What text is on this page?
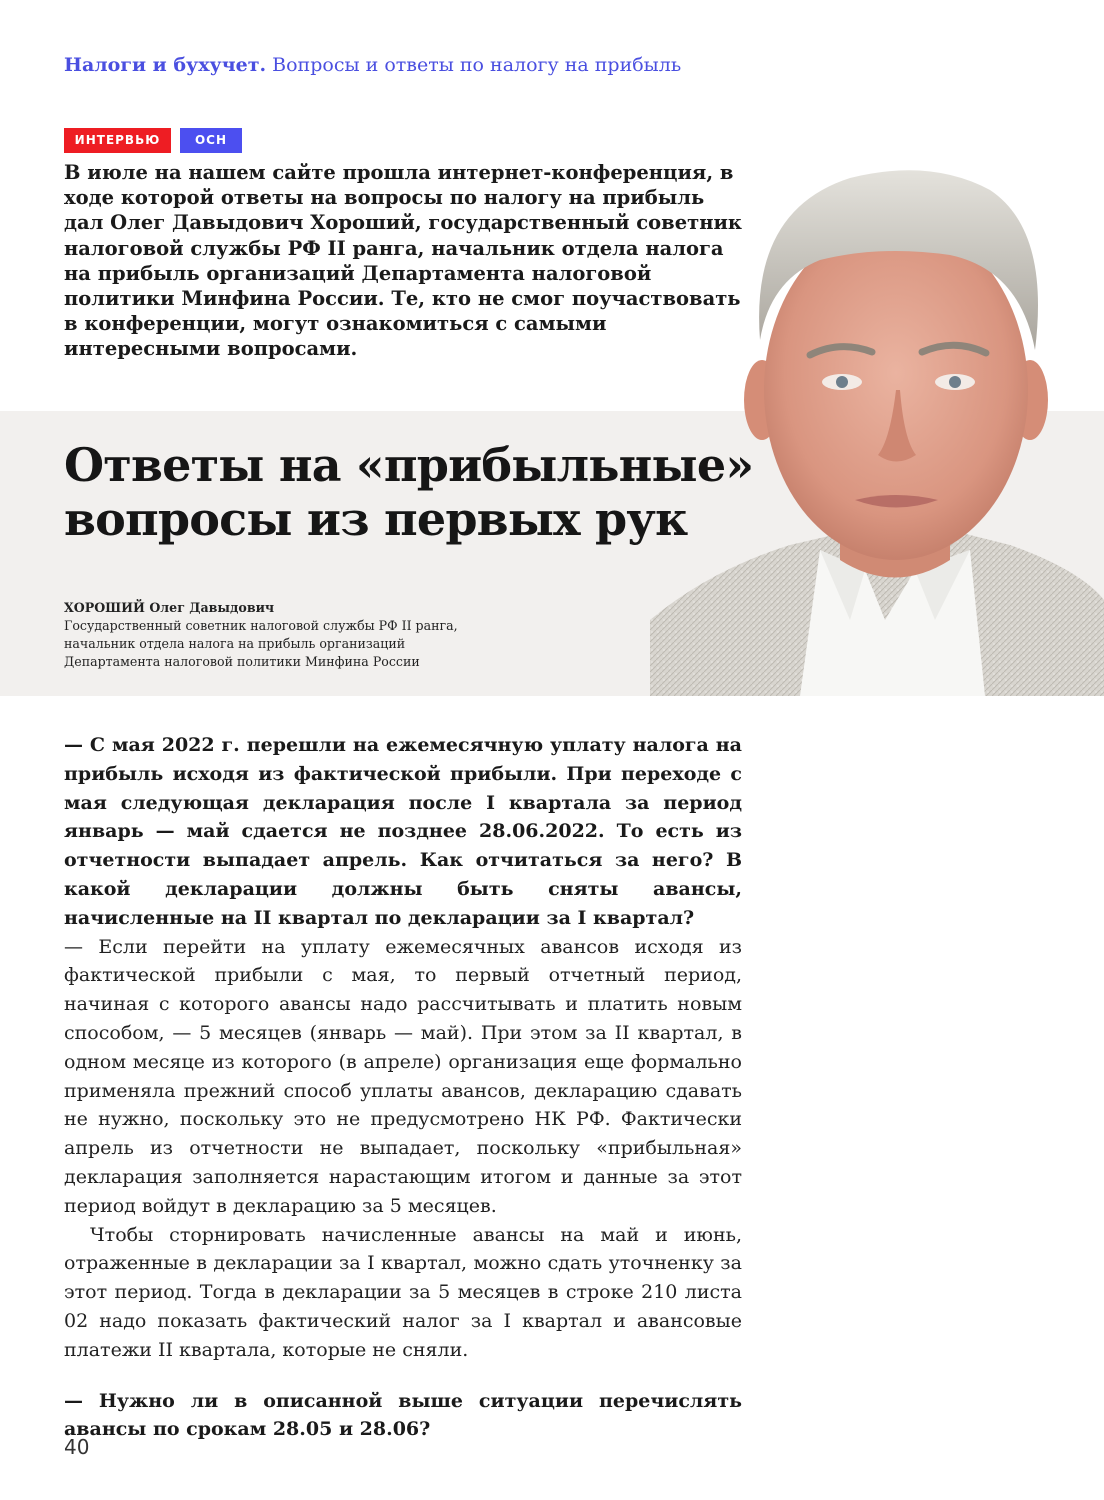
Налоги и бухучет. Вопросы и ответы по налогу на прибыль
ИНТЕРВЬЮ	ОСН

В июле на нашем сайте прошла интернет-конференция, в ходе которой ответы на вопросы по налогу на прибыль дал Олег Давыдович Хороший, государственный советник налоговой службы РФ II ранга, начальник отдела налога на прибыль организаций Департамента налоговой политики Минфина России. Те, кто не смог поучаствовать в конференции, могут ознакомиться с самыми интересными вопросами.

Ответы на «прибыльные»
вопросы из первых рук
ХОРОШИЙ Олег Давыдович
Государственный советник налоговой службы РФ II ранга,
начальник отдела налога на прибыль организаций
Департамента налоговой политики Минфина России

— С мая 2022 г. перешли на ежемесячную уплату налога на прибыль исходя из фактической прибыли. При переходе с мая следующая декларация после I квартала за период январь — май сдается не позднее 28.06.2022. То есть из отчетности выпадает апрель. Как отчитаться за него? В какой декларации должны быть сняты авансы, начисленные на II квартал по декларации за I квартал?

— Если перейти на уплату ежемесячных авансов исходя из фактической прибыли с мая, то первый отчетный период, начиная с которого авансы надо рассчитывать и платить новым способом, — 5 месяцев (январь — май). При этом за II квартал, в одном месяце из которого (в апреле) организация еще формально применяла прежний способ уплаты авансов, декларацию сдавать не нужно, поскольку это не предусмотрено НК РФ. Фактически апрель из отчетности не выпадает, поскольку «прибыльная» декларация заполняется нарастающим итогом и данные за этот период войдут в декларацию за 5 месяцев.

Чтобы сторнировать начисленные авансы на май и июнь, отраженные в декларации за I квартал, можно сдать уточненку за этот период. Тогда в декларации за 5 месяцев в строке 210 листа 02 надо показать фактический налог за I квартал и авансовые платежи II квартала, которые не сняли.

— Нужно ли в описанной выше ситуации перечислять авансы по срокам 28.05 и 28.06?

40
